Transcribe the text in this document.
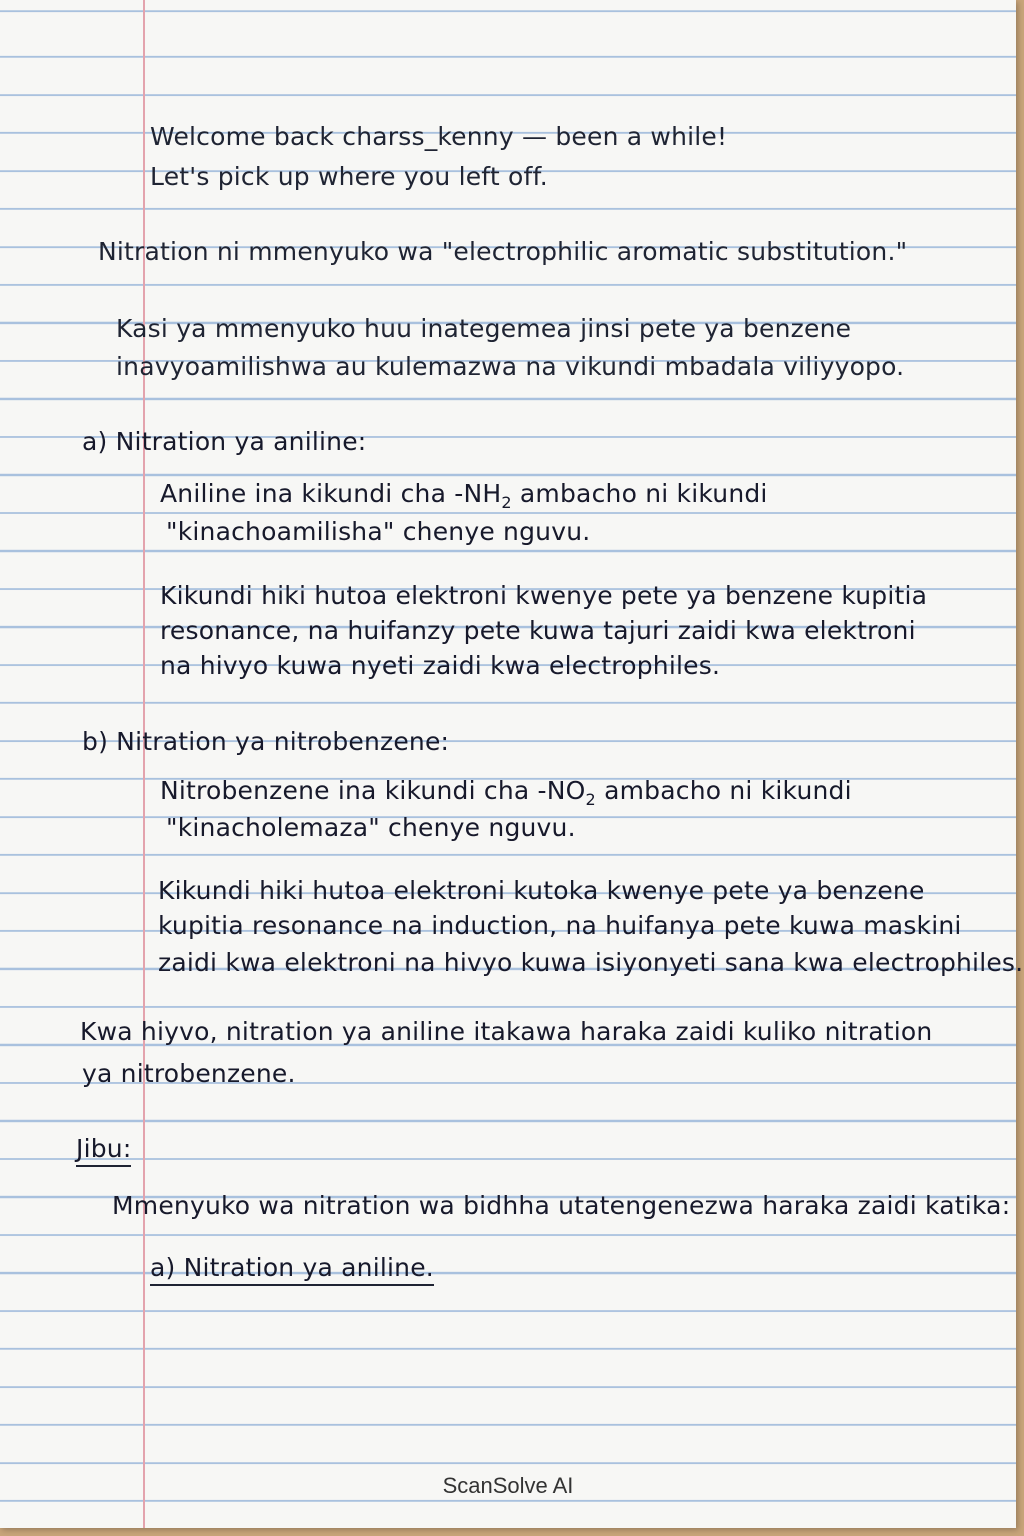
Welcome back charss_kenny — been a while!

Let's pick up where you left off.

Nitration ni mmenyuko wa "electrophilic aromatic substitution."

Kasi ya mmenyuko huu inategemea jinsi pete ya benzene

inavyoamilishwa au kulemazwa na vikundi mbadala viliyyopo.

a) Nitration ya aniline:

Aniline ina kikundi cha $-NH_2$ ambacho ni kikundi

"kinachoamilisha" chenye nguvu.

Kikundi hiki hutoa elektroni kwenye pete ya benzene kupitia

resonance, na huifanzy pete kuwa tajuri zaidi kwa elektroni

na hivyo kuwa nyeti zaidi kwa electrophiles.

b) Nitration ya nitrobenzene:

Nitrobenzene ina kikundi cha $-NO_2$ ambacho ni kikundi

"kinacholemaza" chenye nguvu.

Kikundi hiki hutoa elektroni kutoka kwenye pete ya benzene

kupitia resonance na induction, na huifanya pete kuwa maskini

zaidi kwa elektroni na hivyo kuwa isiyonyeti sana kwa electrophiles.

Kwa hiyvo, nitration ya aniline itakawa haraka zaidi kuliko nitration

ya nitrobenzene.

Jibu:

Mmenyuko wa nitration wa bidhha utatengenezwa haraka zaidi katika:

a) Nitration ya aniline.

ScanSolve AI
